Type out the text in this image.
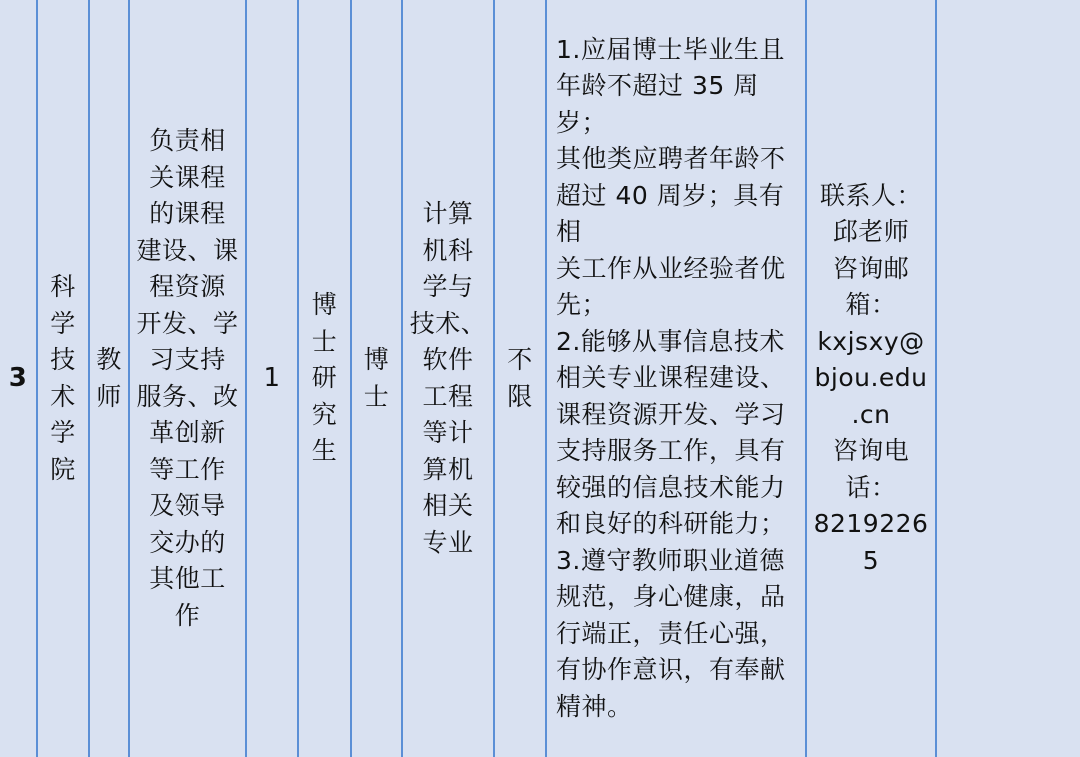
3
科
学
技
术
学
院
教
师
负责相
关课程
的课程
建设、课
程资源
开发、学
习支持
服务、改
革创新
等工作
及领导
交办的
其他工
作
1
博
士
研
究
生
博
士
计算
机科
学与
技术、
软件
工程
等计
算机
相关
专业
不
限
1.应届博士毕业生且
年龄不超过 35 周岁；
其他类应聘者年龄不
超过 40 周岁；具有相
关工作从业经验者优
先；
2.能够从事信息技术
相关专业课程建设、
课程资源开发、学习
支持服务工作，具有
较强的信息技术能力
和良好的科研能力；
3.遵守教师职业道德
规范，身心健康，品
行端正，责任心强，
有协作意识，有奉献
精神。
联系人：
邱老师
咨询邮
箱：
kxjsxy@
bjou.edu
.cn
咨询电
话：
8219226
5
